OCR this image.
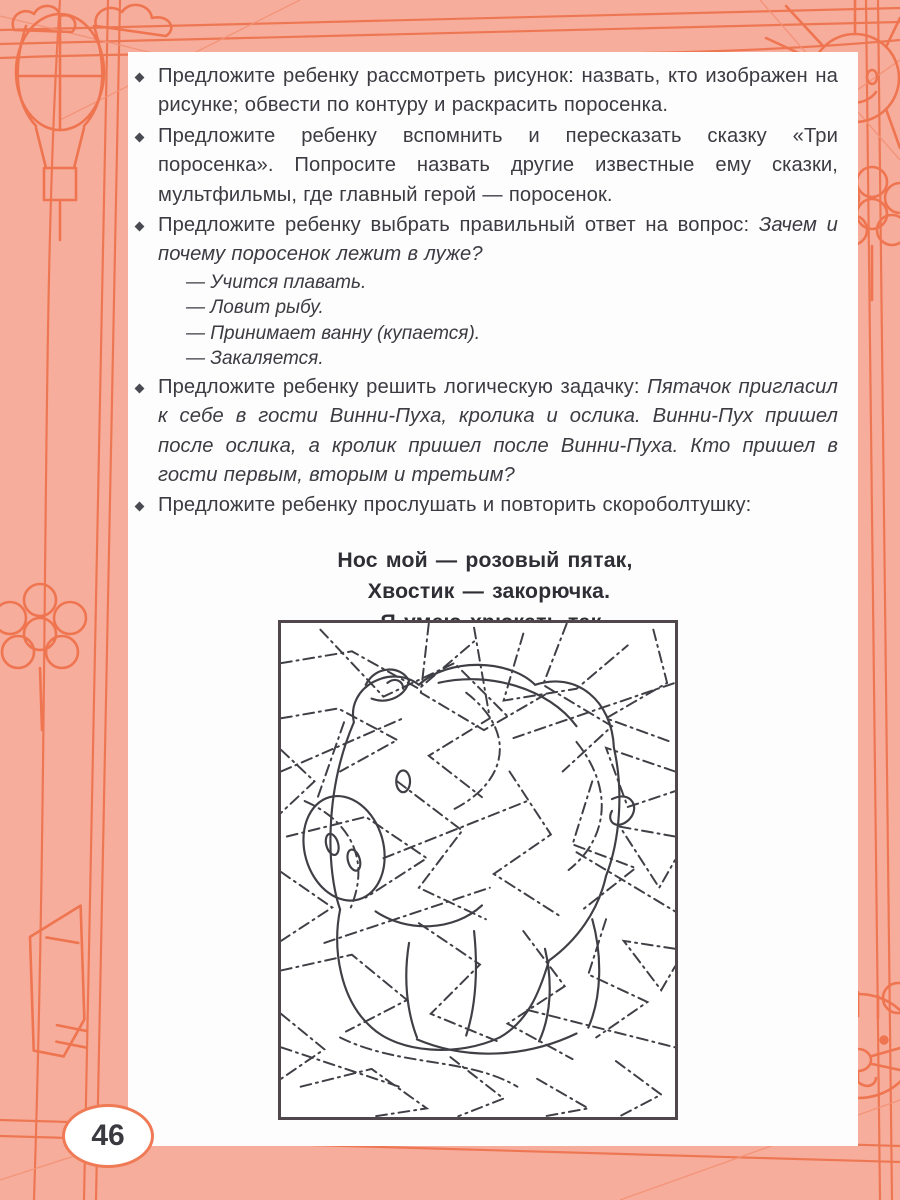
Предложите ребенку рассмотреть рисунок: назвать, кто изображен на рисунке; обвести по контуру и раскрасить поросенка.

Предложите ребенку вспомнить и пересказать сказку «Три поросенка». Попросите назвать другие известные ему сказки, мультфильмы, где главный герой — поросенок.

Предложите ребенку выбрать правильный ответ на вопрос: Зачем и почему поросенок лежит в луже?

— Учится плавать.
— Ловит рыбу.
— Принимает ванну (купается).
— Закаляется.

Предложите ребенку решить логическую задачку: Пятачок пригласил к себе в гости Винни-Пуха, кролика и ослика. Винни-Пух пришел после ослика, а кролик пришел после Винни-Пуха. Кто пришел в гости первым, вторым и третьим?

Предложите ребенку прослушать и повторить скороболтушку:

Нос мой — розовый пятак,
Хвостик — закорючка.
46
